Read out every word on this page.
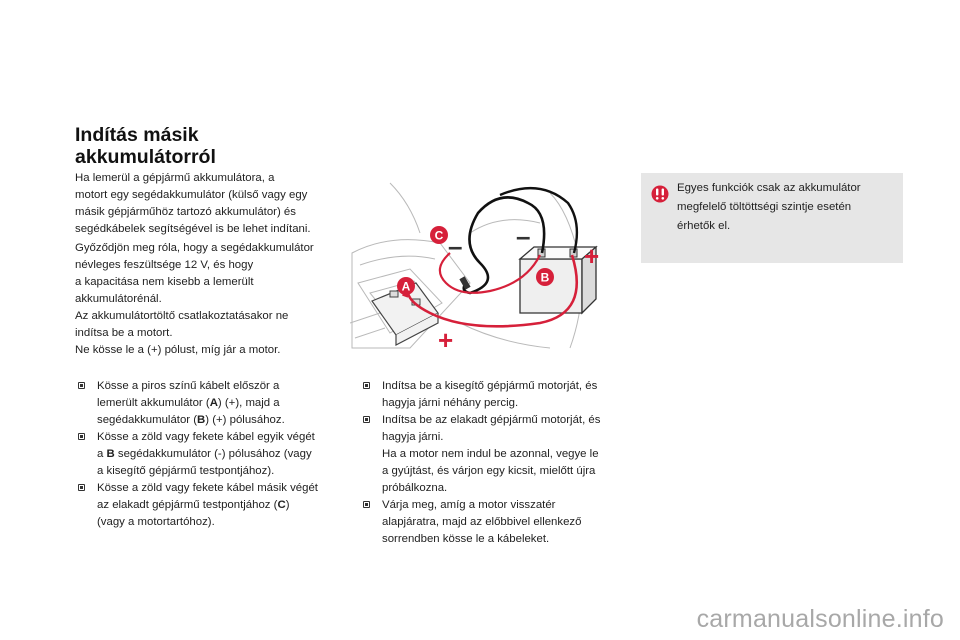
Indítás másik
akkumulátorról

Ha lemerül a gépjármű akkumulátora, a
motort egy segédakkumulátor (külső vagy egy
másik gépjárműhöz tartozó akkumulátor) és
segédkábelek segítségével is be lehet indítani.

Győződjön meg róla, hogy a segédakkumulátor
névleges feszültsége 12 V, és hogy
a kapacitása nem kisebb a lemerült
akkumulátorénál.
Az akkumulátortöltő csatlakoztatásakor ne
indítsa be a motort.
Ne kösse le a (+) pólust, míg jár a motor.

C
B
A
– –
+
+

Egyes funkciók csak az akkumulátor
megfelelő töltöttségi szintje esetén
érhetők el.

Kösse a piros színű kábelt először a
lemerült akkumulátor (A) (+), majd a
segédakkumulátor (B) (+) pólusához.
Kösse a zöld vagy fekete kábel egyik végét
a B segédakkumulátor (-) pólusához (vagy
a kisegítő gépjármű testpontjához).
Kösse a zöld vagy fekete kábel másik végét
az elakadt gépjármű testpontjához (C)
(vagy a motortartóhoz).
Indítsa be a kisegítő gépjármű motorját, és
hagyja járni néhány percig.
Indítsa be az elakadt gépjármű motorját, és
hagyja járni.
Ha a motor nem indul be azonnal, vegye le
a gyújtást, és várjon egy kicsit, mielőtt újra
próbálkozna.
Várja meg, amíg a motor visszatér
alapjáratra, majd az előbbivel ellenkező
sorrendben kösse le a kábeleket.
carmanualsonline.info
